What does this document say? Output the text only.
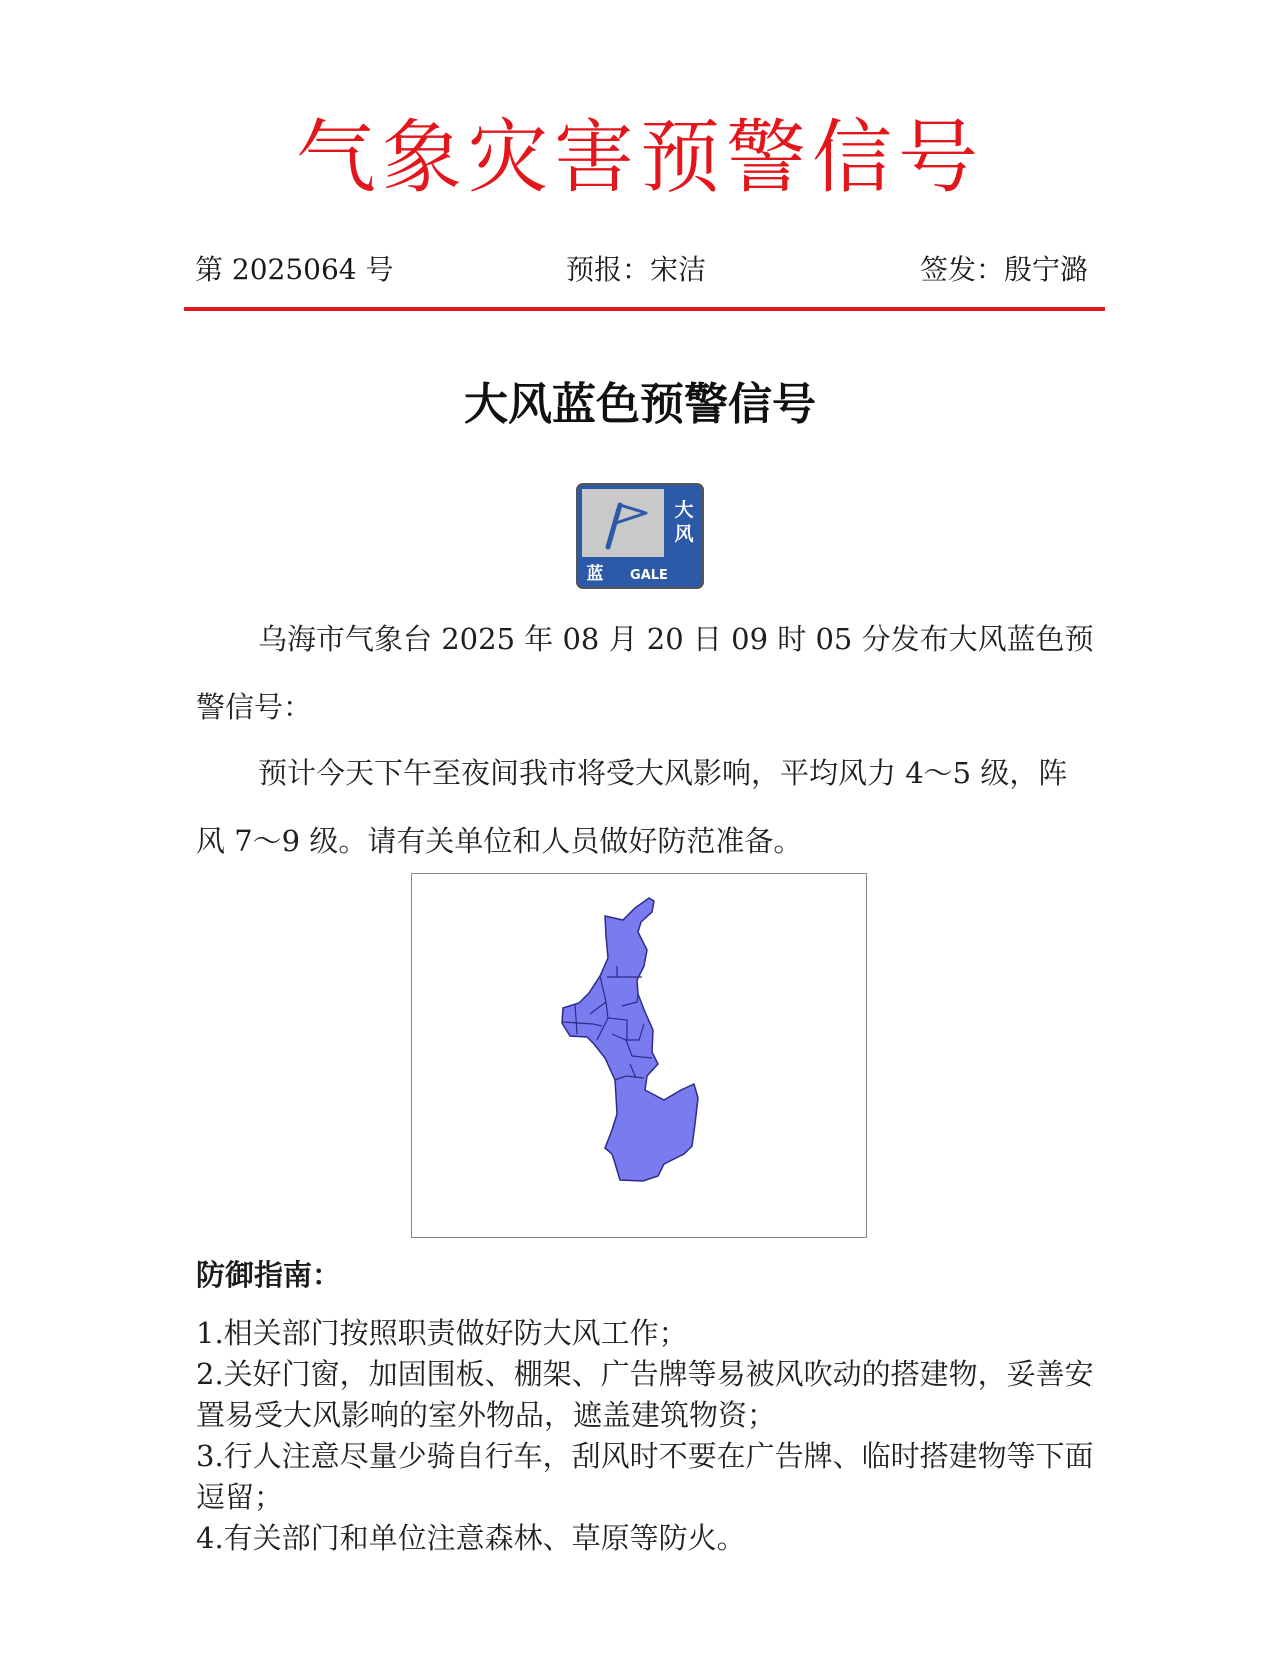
气象灾害预警信号
第 2025064 号	预报：宋洁	签发：殷宁潞
大风蓝色预警信号
蓝 GALE
大
风

乌海市气象台 2025 年 08 月 20 日 09 时 05 分发布大风蓝色预警信号：

预计今天下午至夜间我市将受大风影响，平均风力 4～5 级，阵风 7～9 级。请有关单位和人员做好防范准备。

防御指南：
1.相关部门按照职责做好防大风工作；
2.关好门窗，加固围板、棚架、广告牌等易被风吹动的搭建物，妥善安置易受大风影响的室外物品，遮盖建筑物资；
3.行人注意尽量少骑自行车，刮风时不要在广告牌、临时搭建物等下面逗留；
4.有关部门和单位注意森林、草原等防火。
